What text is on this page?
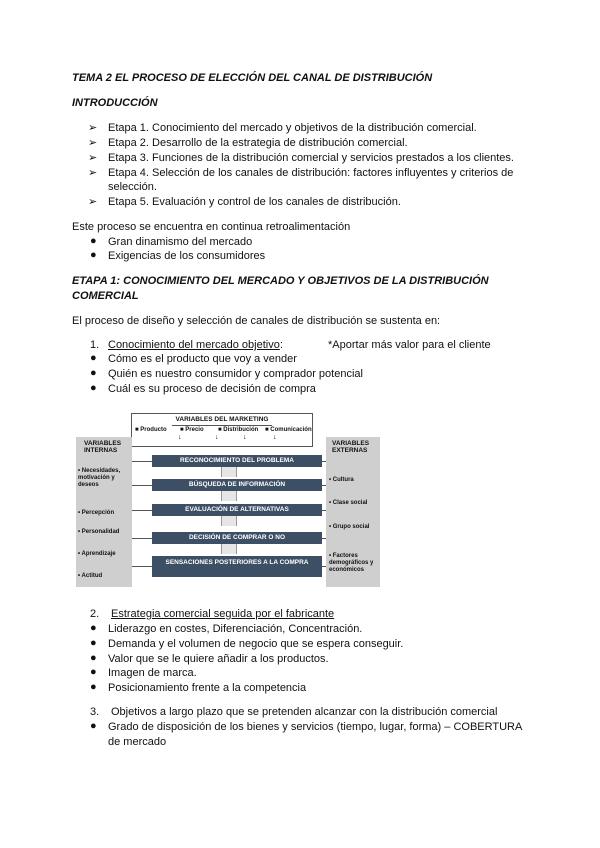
TEMA 2 EL PROCESO DE ELECCIÓN DEL CANAL DE DISTRIBUCIÓN
INTRODUCCIÓN
➢ Etapa 1. Conocimiento del mercado y objetivos de la distribución comercial.
➢ Etapa 2. Desarrollo de la estrategia de distribución comercial.
➢ Etapa 3. Funciones de la distribución comercial y servicios prestados a los clientes.
➢ Etapa 4. Selección de los canales de distribución: factores influyentes y criterios de
selección.
➢ Etapa 5. Evaluación y control de los canales de distribución.
Este proceso se encuentra en continua retroalimentación
● Gran dinamismo del mercado
● Exigencias de los consumidores
ETAPA 1: CONOCIMIENTO DEL MERCADO Y OBJETIVOS DE LA DISTRIBUCIÓN
COMERCIAL
El proceso de diseño y selección de canales de distribución se sustenta en:
1. Conocimiento del mercado objetivo:	*Aportar más valor para el cliente
● Cómo es el producto que voy a vender
● Quién es nuestro consumidor y comprador potencial
● Cuál es su proceso de decisión de compra
VARIABLES DEL MARKETING
■ Producto ■ Precio ■ Distribución ■ Comunicación
↓	↓	↓	↓
VARIABLES INTERNAS
• Necesidades, motivación y deseos
• Percepción
• Personalidad
• Aprendizaje
• Actitud
VARIABLES EXTERNAS
• Cultura
• Clase social
• Grupo social
• Factores demográficos y económicos
RECONOCIMIENTO DEL PROBLEMA
BÚSQUEDA DE INFORMACIÓN
EVALUACIÓN DE ALTERNATIVAS
DECISIÓN DE COMPRAR O NO
SENSACIONES POSTERIORES A LA COMPRA
2. Estrategia comercial seguida por el fabricante
● Liderazgo en costes, Diferenciación, Concentración.
● Demanda y el volumen de negocio que se espera conseguir.
● Valor que se le quiere añadir a los productos.
● Imagen de marca.
● Posicionamiento frente a la competencia
3. Objetivos a largo plazo que se pretenden alcanzar con la distribución comercial
● Grado de disposición de los bienes y servicios (tiempo, lugar, forma) – COBERTURA
de mercado
